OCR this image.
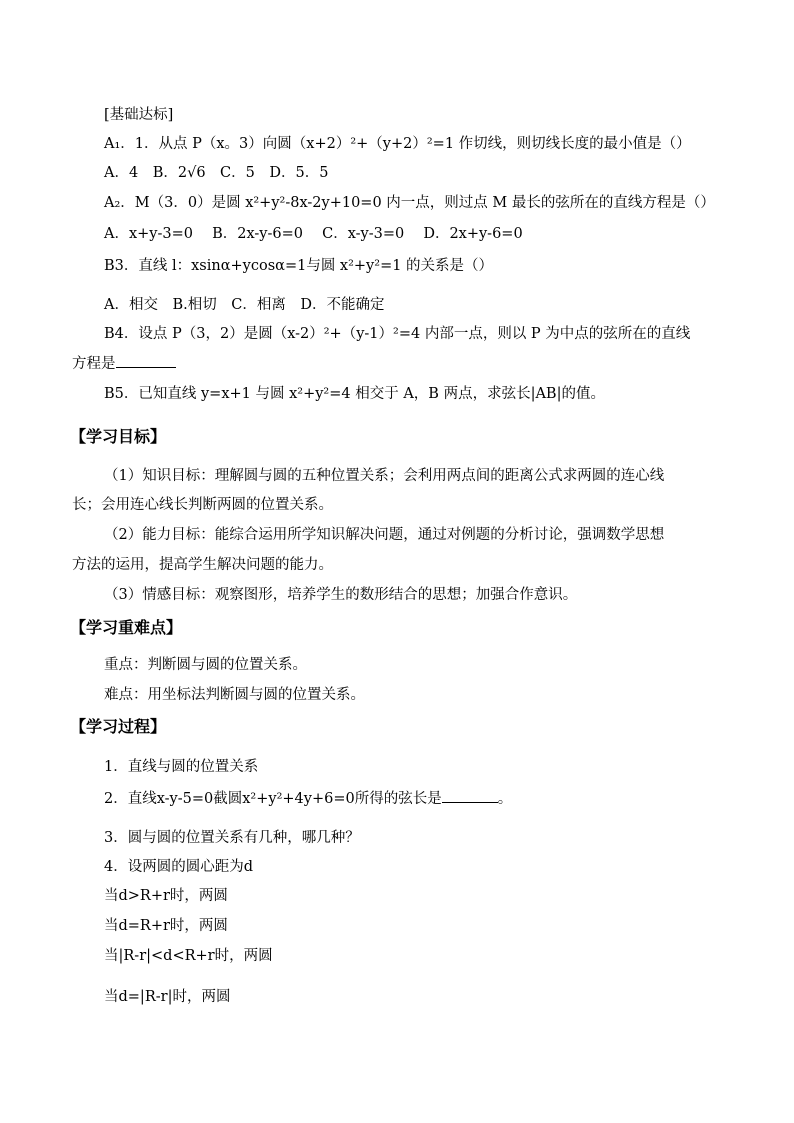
[基础达标]
A₁．1．从点 P（x。3）向圆（x+2）²+（y+2）²=1 作切线，则切线长度的最小值是（）
A．4　B．2√6　C．5　D．5．5
A₂．M（3．0）是圆 x²+y²-8x-2y+10=0 内一点，则过点 M 最长的弦所在的直线方程是（）
A．x+y-3=0　 B．2x-y-6=0　 C．x-y-3=0　 D．2x+y-6=0
B3．直线 l：xsinα+ycosα=1与圆 x²+y²=1 的关系是（）
A．相交　B.相切　C．相离　D．不能确定
B4．设点 P（3，2）是圆（x-2）²+（y-1）²=4 内部一点，则以 P 为中点的弦所在的直线
方程是
B5．已知直线 y=x+1 与圆 x²+y²=4 相交于 A，B 两点，求弦长|AB|的值。
【学习目标】
（1）知识目标：理解圆与圆的五种位置关系；会利用两点间的距离公式求两圆的连心线
长；会用连心线长判断两圆的位置关系。
（2）能力目标：能综合运用所学知识解决问题，通过对例题的分析讨论，强调数学思想
方法的运用，提高学生解决问题的能力。
（3）情感目标：观察图形，培养学生的数形结合的思想；加强合作意识。
【学习重难点】
重点：判断圆与圆的位置关系。
难点：用坐标法判断圆与圆的位置关系。
【学习过程】
1．直线与圆的位置关系
2．直线x-y-5=0截圆x²+y²+4y+6=0所得的弦长是	。
3．圆与圆的位置关系有几种，哪几种？
4．设两圆的圆心距为d
当d>R+r时，两圆
当d=R+r时，两圆
当|R-r|<d<R+r时，两圆
当d=|R-r|时，两圆
